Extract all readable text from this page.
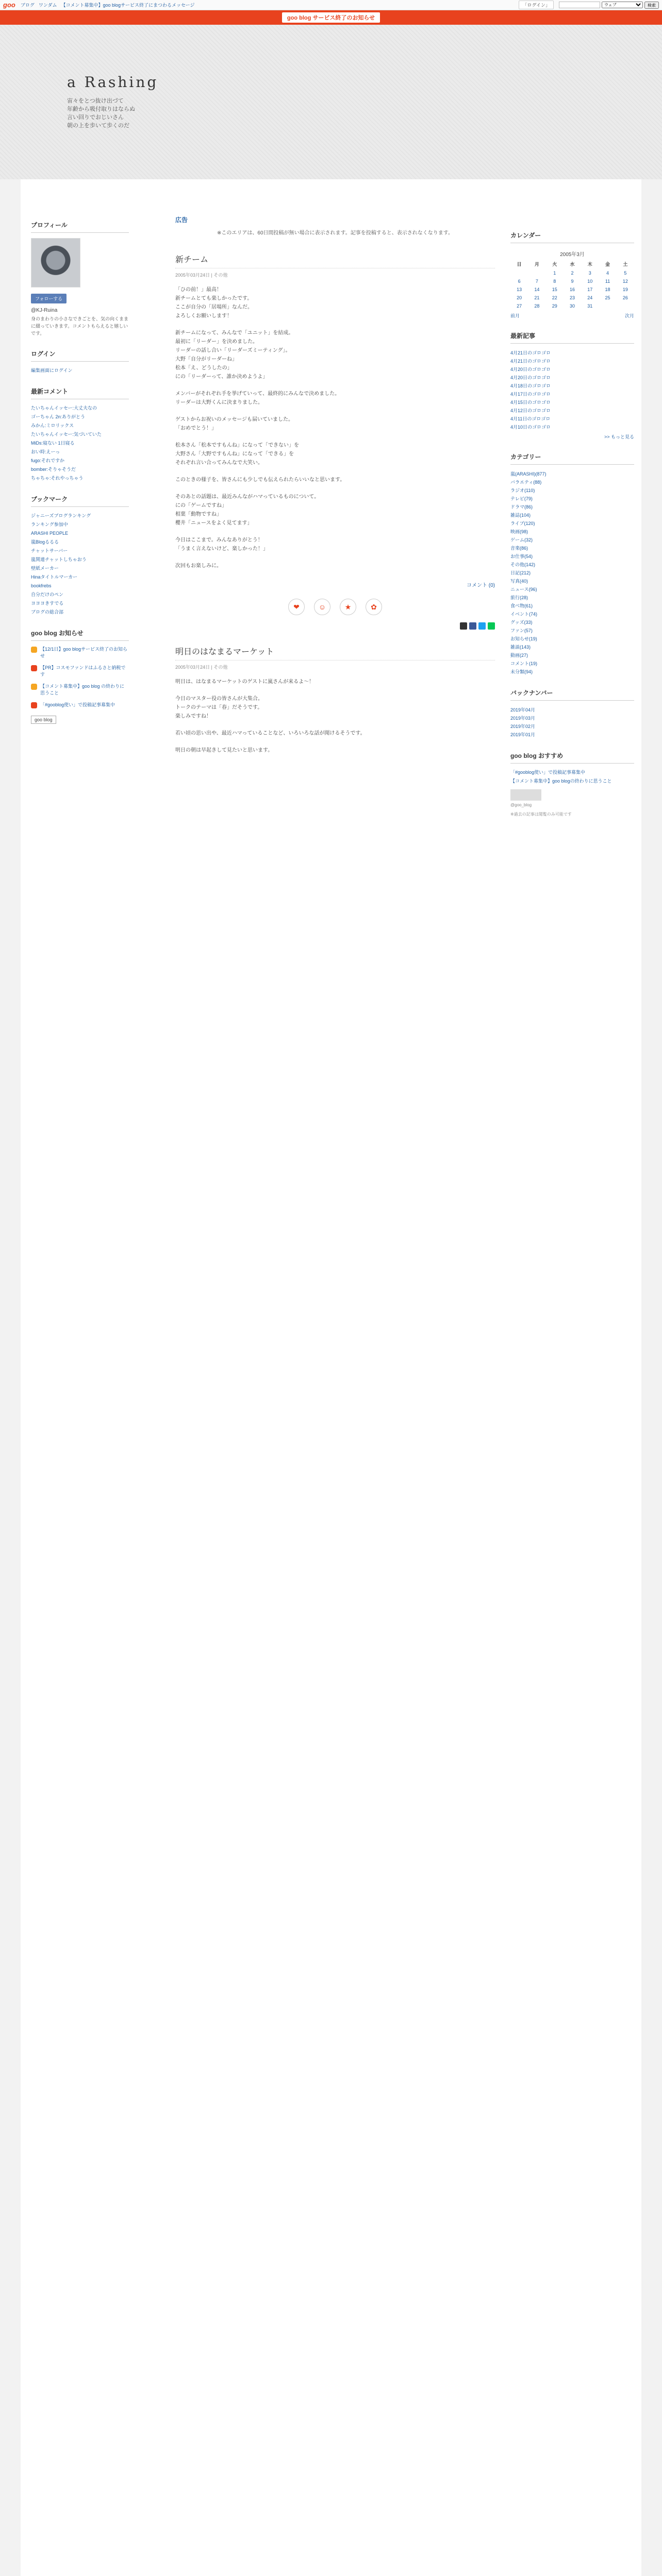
goo ブログ ワンダム 【コメント募集中】goo blogサービス終了にまつわるメッセージ	「ログイン」
ウェブ	検索
goo blog サービス終了のお知らせ
a Rashing
宙々をとつ抜け出づて
年齢から吸付取りはならぬ
言い回りでおじいさん
朝の上を歩いて歩くのだ
プロフィール
フォローする
@KJ-Ruina
身のまわりの小さなできごとを、気の向くままに綴っていきます。コメントもらえると嬉しいです。
ログイン
編集画面にログイン
最新コメント
たいちゃんイッセー:大丈夫なの
ゴーちゃん 2n:ありがとう
みかん:ミロリックス
たいちゃんイッセー:気づいていた
MiDs:寝ない 1日寝る
おい時:えーっ
fugo:それですか
bomber:そりゃそうだ
ちゃちゃ:それやっちゃう
ブックマーク
ジャニーズブログランキング
ランキング参加中
ARASHI PEOPLE
嵐Blogるるる
チャットサーバー
嵐関連チャットしちゃおう
壁紙メーカー
Hinaタイトルマーカー
bookfrebs
自分だけのペン
ヨヨヨきすでる
ブログの総合部
goo blog お知らせ
【12/1日】goo blogサービス終了のお知らせ
【PR】コスモファンドはふるさと納税です
【コメント募集中】goo blog の終わりに思うこと
「#gooblog使い」で投稿記事募集中
goo blog
広告
※このエリアは、60日間投稿が無い場合に表示されます。記事を投稿すると、表示されなくなります。
新チーム
2005年03月24日 | その他

「ひの前！」最高！
新チームとても楽しかったです。
ここが自分の「居場所」なんだ。
よろしくお願いします！

新チームになって、みんなで「ユニット」を結成。
最初に「リーダー」を決めました。
リーダーの話し合い「リーダーズミーティング」。
大野「自分がリーダーね」
松本「え、どうしたの」
にの「リーダーって、誰か決めようよ」

メンバーがそれぞれ手を挙げていって、最終的にみんなで決めました。
リーダーは大野くんに決まりました。

ゲストからお祝いのメッセージも届いていました。
「おめでとう！」

松本さん「松本ですもんね」になって「できない」を
大野さん「大野ですもんね」になって「できる」を
それぞれ言い合ってみんなで大笑い。

このときの様子を、皆さんにも少しでも伝えられたらいいなと思います。

そのあとの話題は、最近みんながハマっているものについて。
にの「ゲームですね」
相葉「動物ですね」
櫻井「ニュースをよく見てます」

今日はここまで。みんなありがとう！
「うまく言えないけど、楽しかった！」

次回もお楽しみに。

コメント (0)
❤	☺	★	✿
明日のはなまるマーケット
2005年03月24日 | その他

明日は、はなまるマーケットのゲストに嵐さんが来るよ〜！

今日のマスター役の皆さんが大集合。
トークのテーマは「春」だそうです。
楽しみですね！

若い頃の思い出や、最近ハマっていることなど、いろいろな話が聞けるそうです。

明日の朝は早起きして見たいと思います。

カレンダー
2005年3月
日	月	火	水	木	金	土
		1	2	3	4	5
6	7	8	9	10	11	12
13	14	15	16	17	18	19
20	21	22	23	24	25	26
27	28	29	30	31		
前月	次月
最新記事
4月21日のゴロゴロ
4月21日のゴロゴロ
4月20日のゴロゴロ
4月20日のゴロゴロ
4月18日のゴロゴロ
4月17日のゴロゴロ
4月15日のゴロゴロ
4月12日のゴロゴロ
4月11日のゴロゴロ
4月10日のゴロゴロ
>> もっと見る
カテゴリー
嵐(ARASHI)(877)
バラエティ(88)
ラジオ(110)
テレビ(79)
ドラマ(86)
雑誌(104)
ライブ(120)
映画(98)
ゲーム(32)
音楽(86)
お仕事(54)
その他(142)
日記(212)
写真(40)
ニュース(96)
旅行(28)
食べ物(61)
イベント(74)
グッズ(33)
ファン(57)
お知らせ(19)
雑談(143)
動画(27)
コメント(19)
未分類(94)
バックナンバー
2019年04月
2019年03月
2019年02月
2019年01月
goo blog おすすめ
「#gooblog使い」で投稿記事募集中
【コメント募集中】goo blogの終わりに思うこと
@goo_blog
※過去の記事は閲覧のみ可能です
